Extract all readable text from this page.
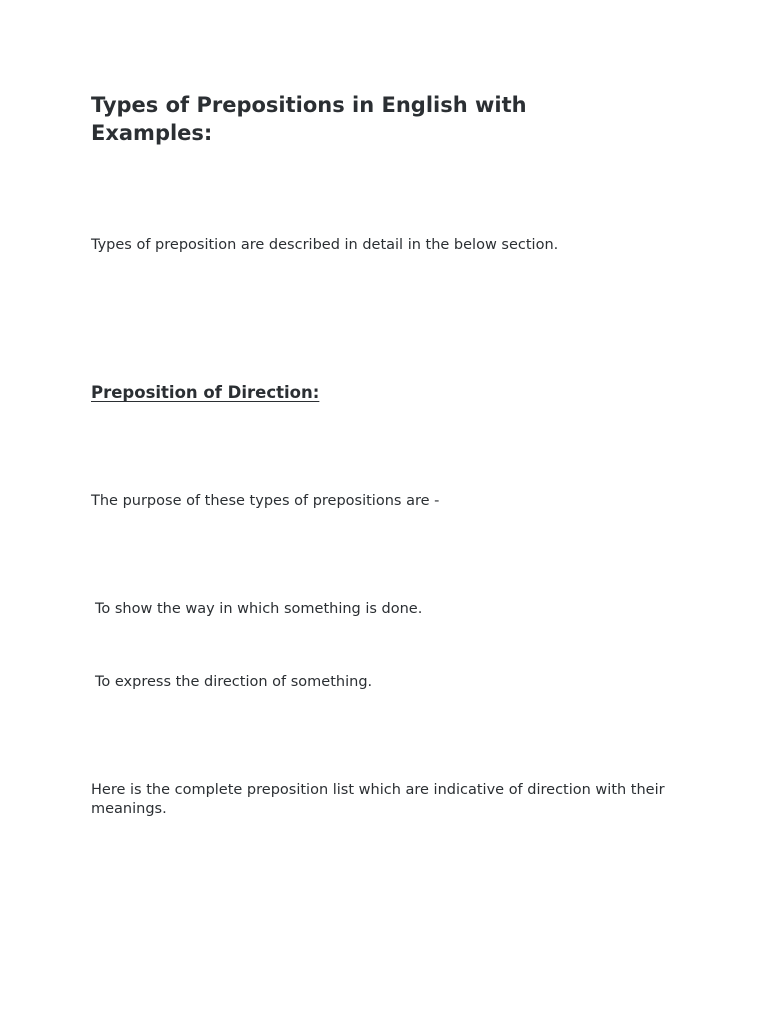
Types of Prepositions in English with Examples:

Types of preposition are described in detail in the below section.

Preposition of Direction:

The purpose of these types of prepositions are -

To show the way in which something is done.

To express the direction of something.

Here is the complete preposition list which are indicative of direction with their meanings.
